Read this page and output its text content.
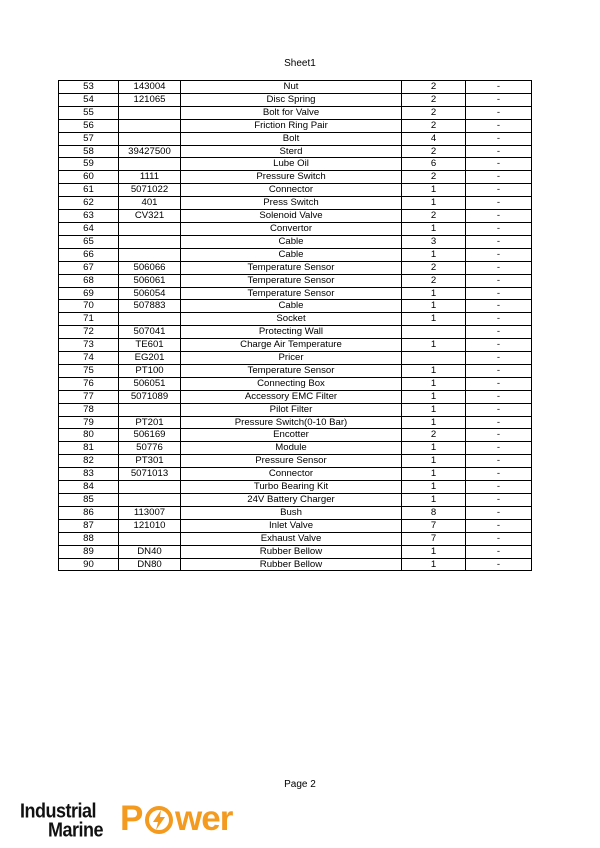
Sheet1
53	143004	Nut	2	-
54	121065	Disc Spring	2	-
55		Bolt for Valve	2	-
56		Friction Ring Pair	2	-
57		Bolt	4	-
58	39427500	Sterd	2	-
59		Lube Oil	6	-
60	1111	Pressure Switch	2	-
61	5071022	Connector	1	-
62	401	Press Switch	1	-
63	CV321	Solenoid Valve	2	-
64		Convertor	1	-
65		Cable	3	-
66		Cable	1	-
67	506066	Temperature Sensor	2	-
68	506061	Temperature Sensor	2	-
69	506054	Temperature Sensor	1	-
70	507883	Cable	1	-
71		Socket	1	-
72	507041	Protecting Wall		-
73	TE601	Charge Air Temperature	1	-
74	EG201	Pricer		-
75	PT100	Temperature Sensor	1	-
76	506051	Connecting Box	1	-
77	5071089	Accessory EMC Filter	1	-
78		Pilot Filter	1	-
79	PT201	Pressure Switch(0-10 Bar)	1	-
80	506169	Encotter	2	-
81	50776	Module	1	-
82	PT301	Pressure Sensor	1	-
83	5071013	Connector	1	-
84		Turbo Bearing Kit	1	-
85		24V Battery Charger	1	-
86	113007	Bush	8	-
87	121010	Inlet Valve	7	-
88		Exhaust Valve	7	-
89	DN40	Rubber Bellow	1	-
90	DN80	Rubber Bellow	1	-
Page 2
Industrial
Marine P wer
